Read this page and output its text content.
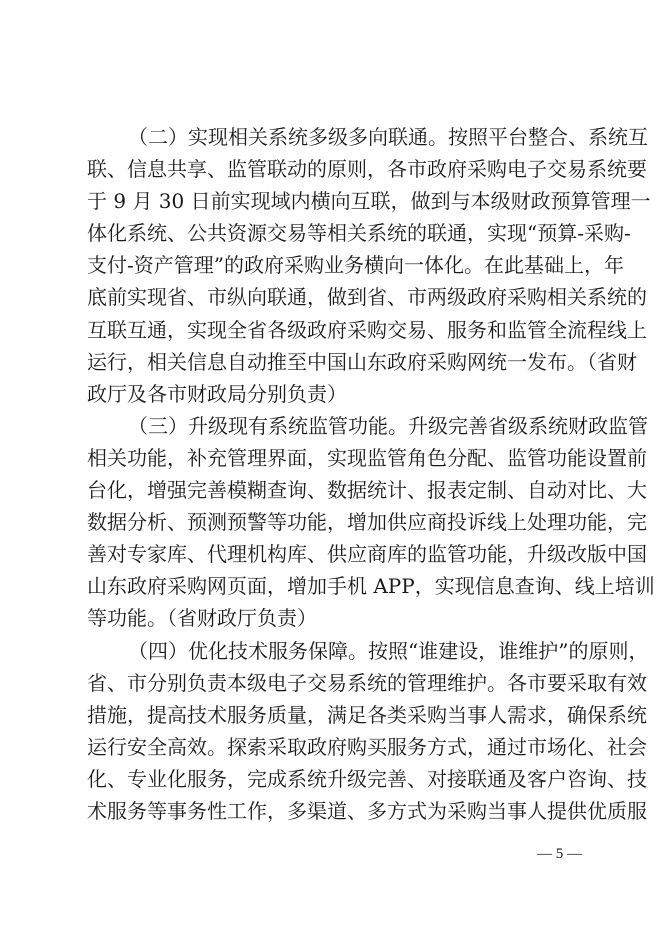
（二）实现相关系统多级多向联通。按照平台整合、系统互
联、信息共享、监管联动的原则，各市政府采购电子交易系统要
于 9 月 30 日前实现域内横向互联，做到与本级财政预算管理一
体化系统、公共资源交易等相关系统的联通，实现“预算-采购-
支付-资产管理”的政府采购业务横向一体化。在此基础上，年
底前实现省、市纵向联通，做到省、市两级政府采购相关系统的
互联互通，实现全省各级政府采购交易、服务和监管全流程线上
运行，相关信息自动推至中国山东政府采购网统一发布。（省财
政厅及各市财政局分别负责）
（三）升级现有系统监管功能。升级完善省级系统财政监管
相关功能，补充管理界面，实现监管角色分配、监管功能设置前
台化，增强完善模糊查询、数据统计、报表定制、自动对比、大
数据分析、预测预警等功能，增加供应商投诉线上处理功能，完
善对专家库、代理机构库、供应商库的监管功能，升级改版中国
山东政府采购网页面，增加手机 APP，实现信息查询、线上培训
等功能。（省财政厅负责）
（四）优化技术服务保障。按照“谁建设，谁维护”的原则，
省、市分别负责本级电子交易系统的管理维护。各市要采取有效
措施，提高技术服务质量，满足各类采购当事人需求，确保系统
运行安全高效。探索采取政府购买服务方式，通过市场化、社会
化、专业化服务，完成系统升级完善、对接联通及客户咨询、技
术服务等事务性工作，多渠道、多方式为采购当事人提供优质服
— 5 —
